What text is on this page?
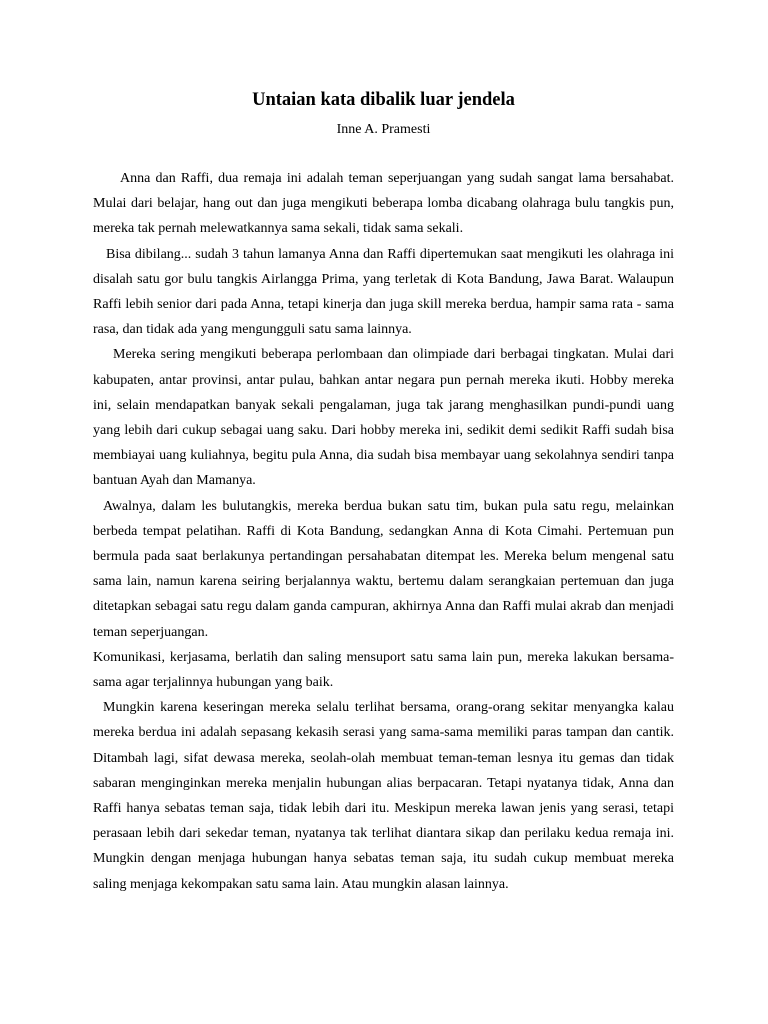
Untaian kata dibalik luar jendela

Inne A. Pramesti

Anna dan Raffi, dua remaja ini adalah teman seperjuangan yang sudah sangat lama bersahabat. Mulai dari belajar, hang out dan juga mengikuti beberapa lomba dicabang olahraga bulu tangkis pun, mereka tak pernah melewatkannya sama sekali, tidak sama sekali.

Bisa dibilang... sudah 3 tahun lamanya Anna dan Raffi dipertemukan saat mengikuti les olahraga ini disalah satu gor bulu tangkis Airlangga Prima, yang terletak di Kota Bandung, Jawa Barat. Walaupun Raffi lebih senior dari pada Anna, tetapi kinerja dan juga skill mereka berdua, hampir sama rata - sama rasa, dan tidak ada yang mengungguli satu sama lainnya.

Mereka sering mengikuti beberapa perlombaan dan olimpiade dari berbagai tingkatan. Mulai dari kabupaten, antar provinsi, antar pulau, bahkan antar negara pun pernah mereka ikuti. Hobby mereka ini, selain mendapatkan banyak sekali pengalaman, juga tak jarang menghasilkan pundi-pundi uang yang lebih dari cukup sebagai uang saku. Dari hobby mereka ini, sedikit demi sedikit Raffi sudah bisa membiayai uang kuliahnya, begitu pula Anna, dia sudah bisa membayar uang sekolahnya sendiri tanpa bantuan Ayah dan Mamanya.

Awalnya, dalam les bulutangkis, mereka berdua bukan satu tim, bukan pula satu regu, melainkan berbeda tempat pelatihan. Raffi di Kota Bandung, sedangkan Anna di Kota Cimahi. Pertemuan pun bermula pada saat berlakunya pertandingan persahabatan ditempat les. Mereka belum mengenal satu sama lain, namun karena seiring berjalannya waktu, bertemu dalam serangkaian pertemuan dan juga ditetapkan sebagai satu regu dalam ganda campuran, akhirnya Anna dan Raffi mulai akrab dan menjadi teman seperjuangan.

Komunikasi, kerjasama, berlatih dan saling mensuport satu sama lain pun, mereka lakukan bersama-sama agar terjalinnya hubungan yang baik.

Mungkin karena keseringan mereka selalu terlihat bersama, orang-orang sekitar menyangka kalau mereka berdua ini adalah sepasang kekasih serasi yang sama-sama memiliki paras tampan dan cantik. Ditambah lagi, sifat dewasa mereka, seolah-olah membuat teman-teman lesnya itu gemas dan tidak sabaran menginginkan mereka menjalin hubungan alias berpacaran. Tetapi nyatanya tidak, Anna dan Raffi hanya sebatas teman saja, tidak lebih dari itu. Meskipun mereka lawan jenis yang serasi, tetapi perasaan lebih dari sekedar teman, nyatanya tak terlihat diantara sikap dan perilaku kedua remaja ini. Mungkin dengan menjaga hubungan hanya sebatas teman saja, itu sudah cukup membuat mereka saling menjaga kekompakan satu sama lain. Atau mungkin alasan lainnya.
